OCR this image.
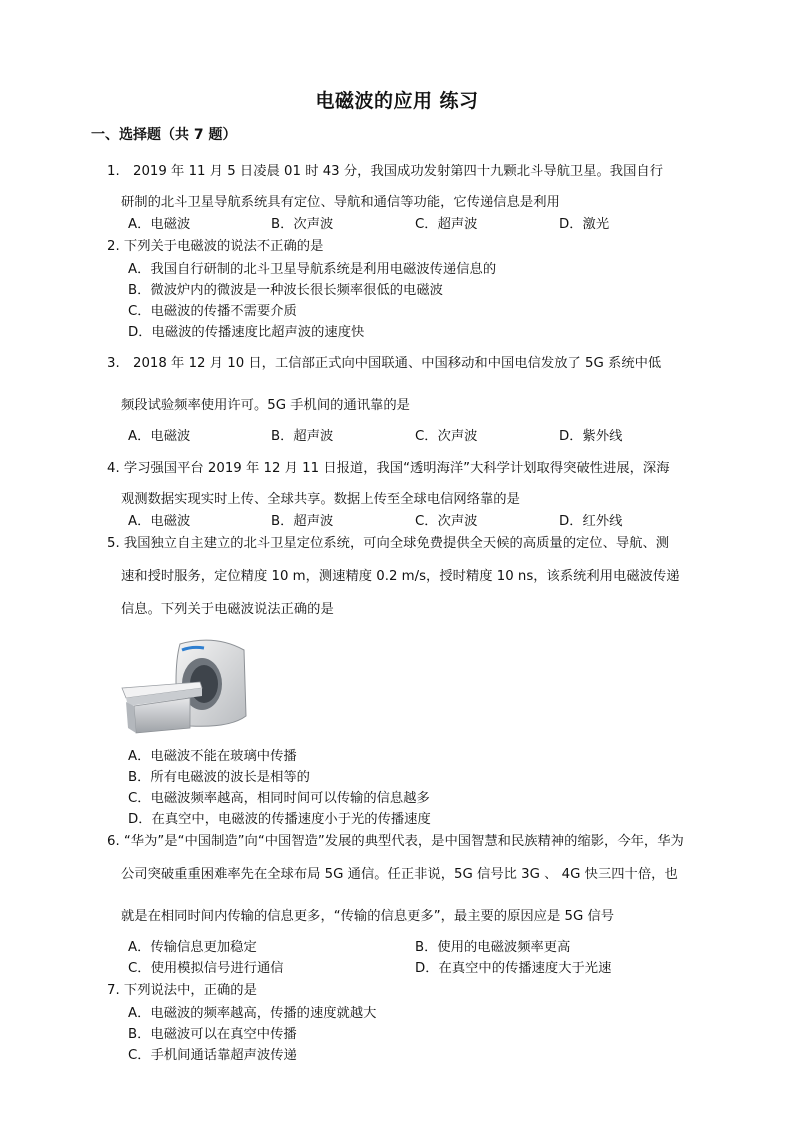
电磁波的应用 练习
一、选择题（共 7 题）
1.　2019 年 11 月 5 日凌晨 01 时 43 分，我国成功发射第四十九颗北斗导航卫星。我国自行
研制的北斗卫星导航系统具有定位、导航和通信等功能，它传递信息是利用
A．电磁波	B．次声波	C．超声波	D．激光
2. 下列关于电磁波的说法不正确的是
A．我国自行研制的北斗卫星导航系统是利用电磁波传递信息的
B．微波炉内的微波是一种波长很长频率很低的电磁波
C．电磁波的传播不需要介质
D．电磁波的传播速度比超声波的速度快
3.　2018 年 12 月 10 日，工信部正式向中国联通、中国移动和中国电信发放了 5G 系统中低
频段试验频率使用许可。5G 手机间的通讯靠的是
A．电磁波	B．超声波	C．次声波	D．紫外线
4. 学习强国平台 2019 年 12 月 11 日报道，我国“透明海洋”大科学计划取得突破性进展，深海
观测数据实现实时上传、全球共享。数据上传至全球电信网络靠的是
A．电磁波	B．超声波	C．次声波	D．红外线
5. 我国独立自主建立的北斗卫星定位系统，可向全球免费提供全天候的高质量的定位、导航、测
速和授时服务，定位精度 10 m，测速精度 0.2 m/s，授时精度 10 ns，该系统利用电磁波传递
信息。下列关于电磁波说法正确的是
A．电磁波不能在玻璃中传播
B．所有电磁波的波长是相等的
C．电磁波频率越高，相同时间可以传输的信息越多
D．在真空中，电磁波的传播速度小于光的传播速度
6. “华为”是“中国制造”向“中国智造”发展的典型代表，是中国智慧和民族精神的缩影，今年，华为
公司突破重重困难率先在全球布局 5G 通信。任正非说，5G 信号比 3G 、 4G 快三四十倍，也
就是在相同时间内传输的信息更多，“传输的信息更多”，最主要的原因应是 5G 信号
A．传输信息更加稳定	B．使用的电磁波频率更高
C．使用模拟信号进行通信	D．在真空中的传播速度大于光速
7. 下列说法中，正确的是
A．电磁波的频率越高，传播的速度就越大
B．电磁波可以在真空中传播
C．手机间通话靠超声波传递
